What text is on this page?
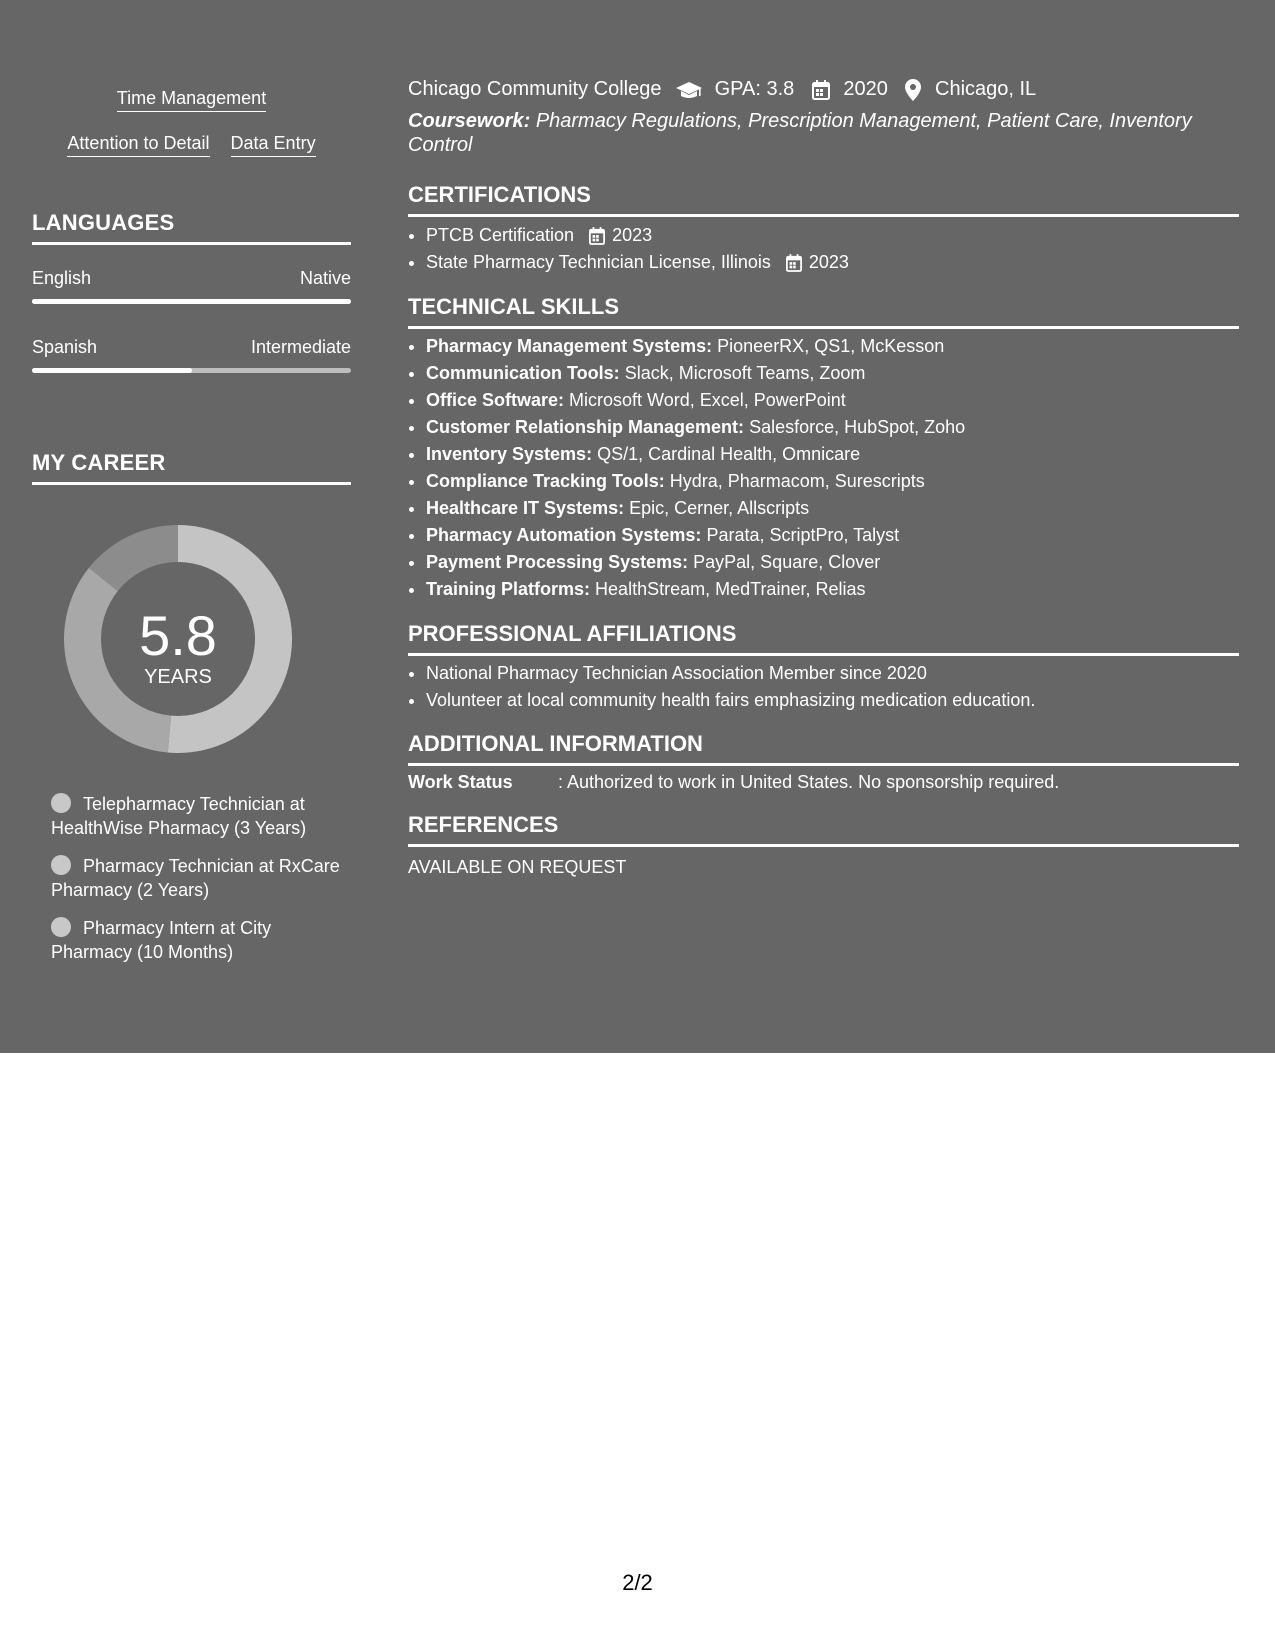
Time Management
Attention to Detail Data Entry
LANGUAGES
English	Native
Spanish	Intermediate
MY CAREER
5.8
YEARS
Telepharmacy Technician at HealthWise Pharmacy (3 Years)
Pharmacy Technician at RxCare Pharmacy (2 Years)
Pharmacy Intern at City Pharmacy (10 Months)
Chicago Community College	GPA: 3.8 2020 Chicago, IL
Coursework: Pharmacy Regulations, Prescription Management, Patient Care, Inventory Control
CERTIFICATIONS
• PTCB Certification 2023
• State Pharmacy Technician License, Illinois 2023
TECHNICAL SKILLS
• Pharmacy Management Systems: PioneerRX, QS1, McKesson
• Communication Tools: Slack, Microsoft Teams, Zoom
• Office Software: Microsoft Word, Excel, PowerPoint
• Customer Relationship Management: Salesforce, HubSpot, Zoho
• Inventory Systems: QS/1, Cardinal Health, Omnicare
• Compliance Tracking Tools: Hydra, Pharmacom, Surescripts
• Healthcare IT Systems: Epic, Cerner, Allscripts
• Pharmacy Automation Systems: Parata, ScriptPro, Talyst
• Payment Processing Systems: PayPal, Square, Clover
• Training Platforms: HealthStream, MedTrainer, Relias
PROFESSIONAL AFFILIATIONS
• National Pharmacy Technician Association Member since 2020
• Volunteer at local community health fairs emphasizing medication education.
ADDITIONAL INFORMATION
Work Status	: Authorized to work in United States. No sponsorship required.
REFERENCES
AVAILABLE ON REQUEST
2/2
